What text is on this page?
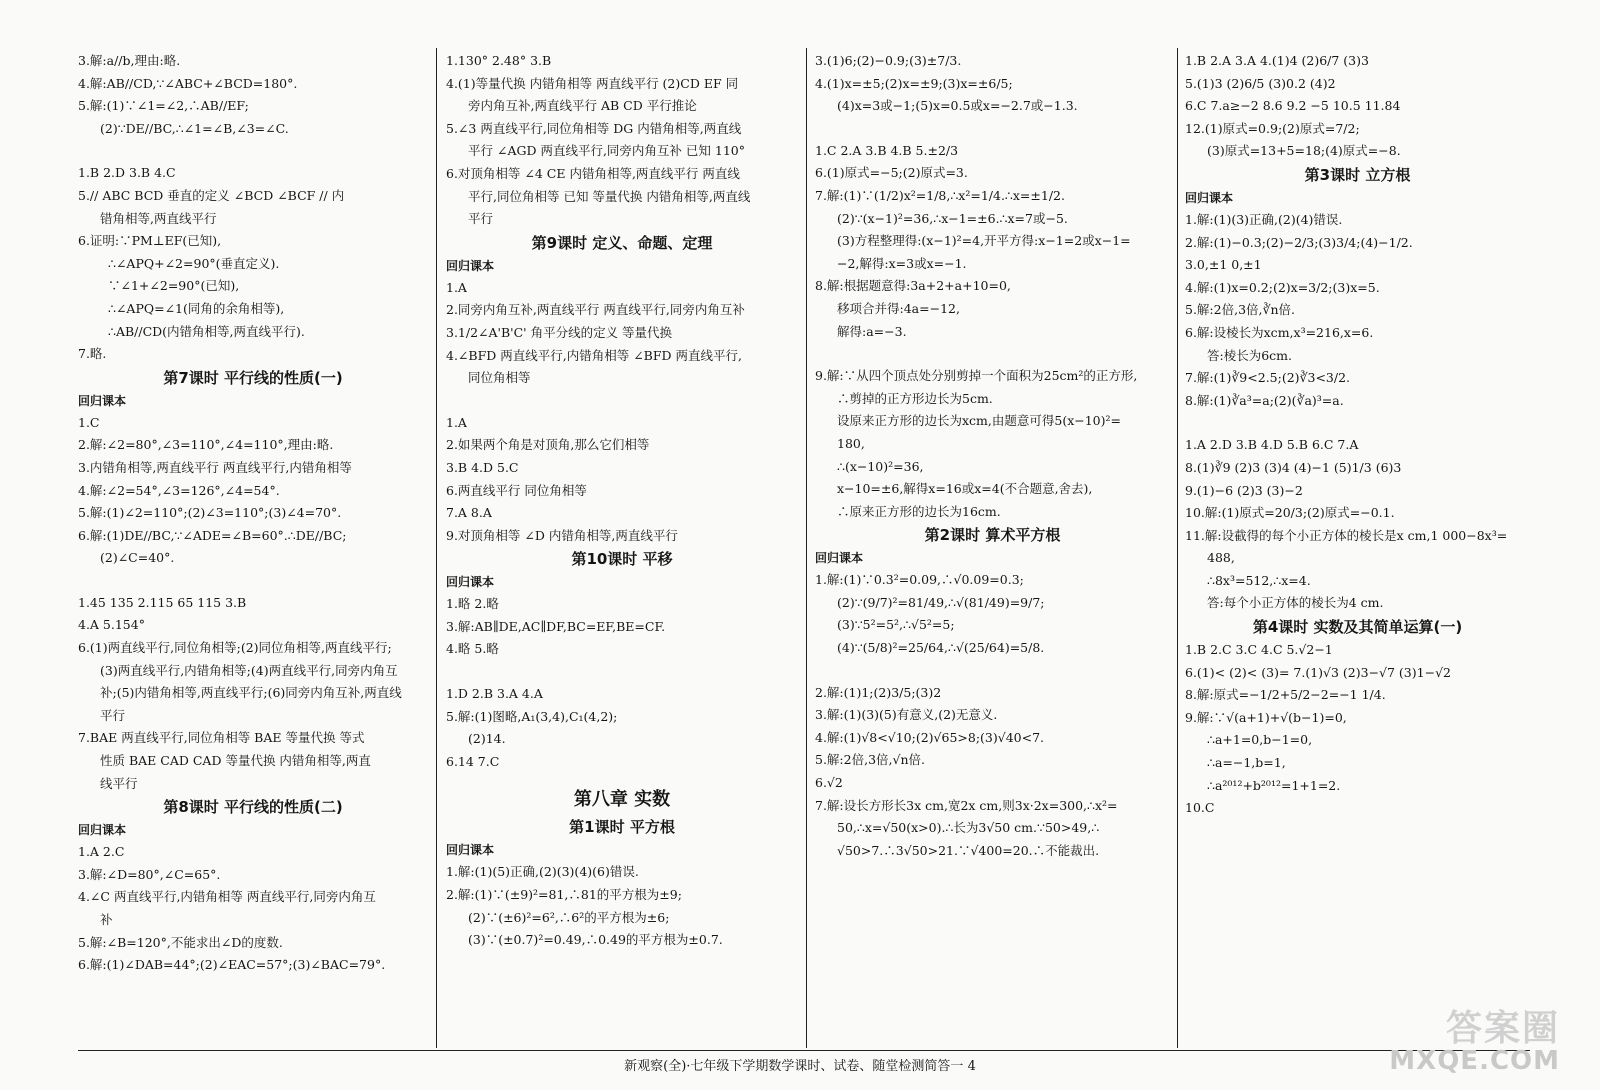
3.解:a//b,理由:略.
4.解:AB//CD,∵∠ABC+∠BCD=180°.
5.解:(1)∵∠1=∠2,∴AB//EF;
(2)∵DE//BC,∴∠1=∠B,∠3=∠C.
1.B 2.D 3.B 4.C
5.// ABC BCD 垂直的定义 ∠BCD ∠BCF // 内
错角相等,两直线平行
6.证明:∵PM⊥EF(已知),
∴∠APQ+∠2=90°(垂直定义).
∵∠1+∠2=90°(已知),
∴∠APQ=∠1(同角的余角相等),
∴AB//CD(内错角相等,两直线平行).
7.略.
第7课时 平行线的性质(一)
回归课本
1.C
2.解:∠2=80°,∠3=110°,∠4=110°,理由:略.
3.内错角相等,两直线平行 两直线平行,内错角相等
4.解:∠2=54°,∠3=126°,∠4=54°.
5.解:(1)∠2=110°;(2)∠3=110°;(3)∠4=70°.
6.解:(1)DE//BC,∵∠ADE=∠B=60°.∴DE//BC;
(2)∠C=40°.
1.45 135 2.115 65 115 3.B
4.A 5.154°
6.(1)两直线平行,同位角相等;(2)同位角相等,两直线平行;
(3)两直线平行,内错角相等;(4)两直线平行,同旁内角互
补;(5)内错角相等,两直线平行;(6)同旁内角互补,两直线
平行
7.BAE 两直线平行,同位角相等 BAE 等量代换 等式
性质 BAE CAD CAD 等量代换 内错角相等,两直
线平行
第8课时 平行线的性质(二)
回归课本
1.A 2.C
3.解:∠D=80°,∠C=65°.
4.∠C 两直线平行,内错角相等 两直线平行,同旁内角互
补
5.解:∠B=120°,不能求出∠D的度数.
6.解:(1)∠DAB=44°;(2)∠EAC=57°;(3)∠BAC=79°.
1.130° 2.48° 3.B
4.(1)等量代换 内错角相等 两直线平行 (2)CD EF 同
旁内角互补,两直线平行 AB CD 平行推论
5.∠3 两直线平行,同位角相等 DG 内错角相等,两直线
平行 ∠AGD 两直线平行,同旁内角互补 已知 110°
6.对顶角相等 ∠4 CE 内错角相等,两直线平行 两直线
平行,同位角相等 已知 等量代换 内错角相等,两直线
平行
第9课时 定义、命题、定理
回归课本
1.A
2.同旁内角互补,两直线平行 两直线平行,同旁内角互补
3.1/2∠A'B'C' 角平分线的定义 等量代换
4.∠BFD 两直线平行,内错角相等 ∠BFD 两直线平行,
同位角相等
1.A
2.如果两个角是对顶角,那么它们相等
3.B 4.D 5.C
6.两直线平行 同位角相等
7.A 8.A
9.对顶角相等 ∠D 内错角相等,两直线平行
第10课时 平移
回归课本
1.略 2.略
3.解:AB∥DE,AC∥DF,BC=EF,BE=CF.
4.略 5.略
1.D 2.B 3.A 4.A
5.解:(1)图略,A₁(3,4),C₁(4,2);
(2)14.
6.14 7.C
第八章 实数
第1课时 平方根
回归课本
1.解:(1)(5)正确,(2)(3)(4)(6)错误.
2.解:(1)∵(±9)²=81,∴81的平方根为±9;
(2)∵(±6)²=6²,∴6²的平方根为±6;
(3)∵(±0.7)²=0.49,∴0.49的平方根为±0.7.
3.(1)6;(2)−0.9;(3)±7/3.
4.(1)x=±5;(2)x=±9;(3)x=±6/5;
(4)x=3或−1;(5)x=0.5或x=−2.7或−1.3.
1.C 2.A 3.B 4.B 5.±2/3
6.(1)原式=−5;(2)原式=3.
7.解:(1)∵(1/2)x²=1/8,∴x²=1/4.∴x=±1/2.
(2)∵(x−1)²=36,∴x−1=±6.∴x=7或−5.
(3)方程整理得:(x−1)²=4,开平方得:x−1=2或x−1=
−2,解得:x=3或x=−1.
8.解:根据题意得:3a+2+a+10=0,
移项合并得:4a=−12,
解得:a=−3.
9.解:∵从四个顶点处分别剪掉一个面积为25cm²的正方形,
∴剪掉的正方形边长为5cm.
设原来正方形的边长为xcm,由题意可得5(x−10)²=
180,
∴(x−10)²=36,
x−10=±6,解得x=16或x=4(不合题意,舍去),
∴原来正方形的边长为16cm.
第2课时 算术平方根
回归课本
1.解:(1)∵0.3²=0.09,∴√0.09=0.3;
(2)∵(9/7)²=81/49,∴√(81/49)=9/7;
(3)∵5²=5²,∴√5²=5;
(4)∵(5/8)²=25/64,∴√(25/64)=5/8.
2.解:(1)1;(2)3/5;(3)2
3.解:(1)(3)(5)有意义,(2)无意义.
4.解:(1)√8<√10;(2)√65>8;(3)√40<7.
5.解:2倍,3倍,√n倍.
6.√2
7.解:设长方形长3x cm,宽2x cm,则3x·2x=300,∴x²=
50,∴x=√50(x>0).∴长为3√50 cm.∵50>49,∴
√50>7.∴3√50>21.∵√400=20.∴不能裁出.
1.B 2.A 3.A 4.(1)4 (2)6/7 (3)3
5.(1)3 (2)6/5 (3)0.2 (4)2
6.C 7.a≥−2 8.6 9.2 −5 10.5 11.84
12.(1)原式=0.9;(2)原式=7/2;
(3)原式=13+5=18;(4)原式=−8.
第3课时 立方根
回归课本
1.解:(1)(3)正确,(2)(4)错误.
2.解:(1)−0.3;(2)−2/3;(3)3/4;(4)−1/2.
3.0,±1 0,±1
4.解:(1)x=0.2;(2)x=3/2;(3)x=5.
5.解:2倍,3倍,∛n倍.
6.解:设棱长为xcm,x³=216,x=6.
答:棱长为6cm.
7.解:(1)∛9<2.5;(2)∛3<3/2.
8.解:(1)∛a³=a;(2)(∛a)³=a.
1.A 2.D 3.B 4.D 5.B 6.C 7.A
8.(1)∛9 (2)3 (3)4 (4)−1 (5)1/3 (6)3
9.(1)−6 (2)3 (3)−2
10.解:(1)原式=20/3;(2)原式=−0.1.
11.解:设截得的每个小正方体的棱长是x cm,1 000−8x³=
488,
∴8x³=512,∴x=4.
答:每个小正方体的棱长为4 cm.
第4课时 实数及其简单运算(一)
1.B 2.C 3.C 4.C 5.√2−1
6.(1)< (2)< (3)= 7.(1)√3 (2)3−√7 (3)1−√2
8.解:原式=−1/2+5/2−2=−1 1/4.
9.解:∵√(a+1)+√(b−1)=0,
∴a+1=0,b−1=0,
∴a=−1,b=1,
∴a²⁰¹²+b²⁰¹²=1+1=2.
10.C
新观察(全)·七年级下学期数学课时、试卷、随堂检测简答一 4
答案圈
MXQE.COM
